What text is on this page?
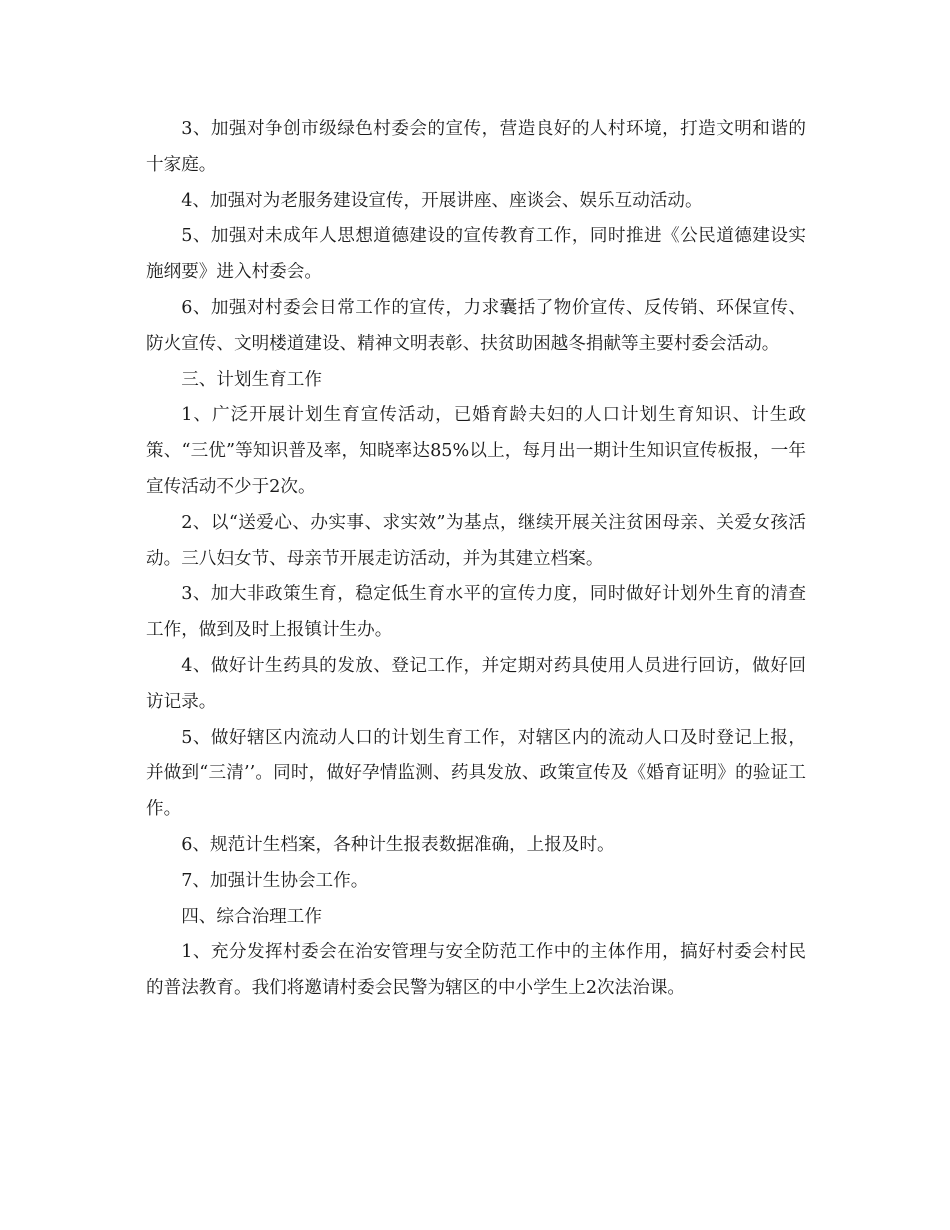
3、加强对争创市级绿色村委会的宣传，营造良好的人村环境，打造文明和谐的十家庭。

4、加强对为老服务建设宣传，开展讲座、座谈会、娱乐互动活动。

5、加强对未成年人思想道德建设的宣传教育工作，同时推进《公民道德建设实施纲要》进入村委会。

6、加强对村委会日常工作的宣传，力求囊括了物价宣传、反传销、环保宣传、防火宣传、文明楼道建设、精神文明表彰、扶贫助困越冬捐献等主要村委会活动。

三、计划生育工作

1、广泛开展计划生育宣传活动，已婚育龄夫妇的人口计划生育知识、计生政策、“三优”等知识普及率，知晓率达85%以上，每月出一期计生知识宣传板报，一年宣传活动不少于2次。

2、以“送爱心、办实事、求实效”为基点，继续开展关注贫困母亲、关爱女孩活动。三八妇女节、母亲节开展走访活动，并为其建立档案。

3、加大非政策生育，稳定低生育水平的宣传力度，同时做好计划外生育的清查工作，做到及时上报镇计生办。

4、做好计生药具的发放、登记工作，并定期对药具使用人员进行回访，做好回访记录。

5、做好辖区内流动人口的计划生育工作，对辖区内的流动人口及时登记上报，并做到“三清’’。同时，做好孕情监测、药具发放、政策宣传及《婚育证明》的验证工作。

6、规范计生档案，各种计生报表数据准确，上报及时。

7、加强计生协会工作。

四、综合治理工作

1、充分发挥村委会在治安管理与安全防范工作中的主体作用，搞好村委会村民的普法教育。我们将邀请村委会民警为辖区的中小学生上2次法治课。
